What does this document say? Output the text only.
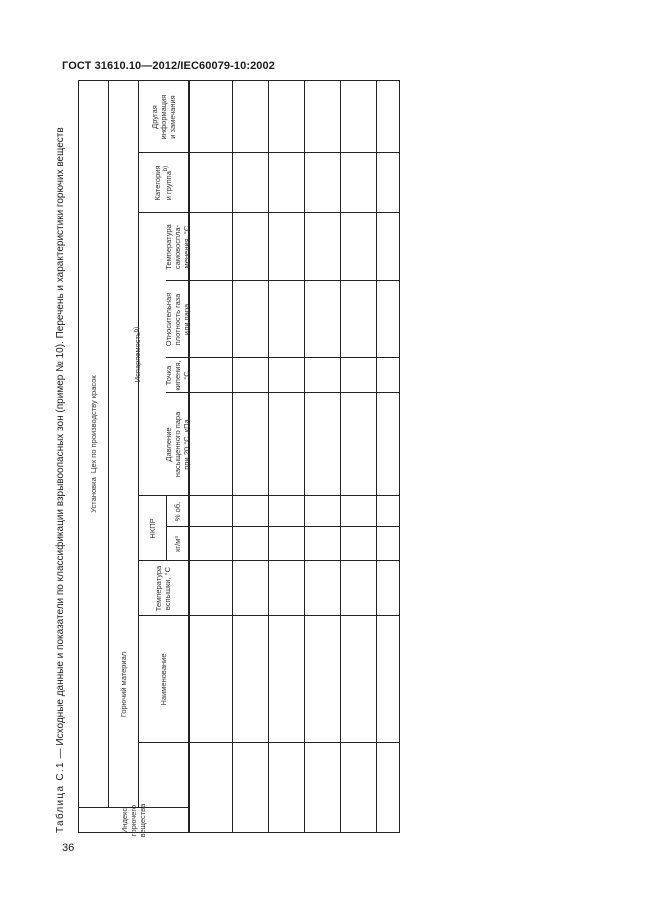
ГОСТ 31610.10—2012/IEC60079-10:2002
36
Таблица С.1 — Исходные данные и показатели по классификации взрывоопасных зон (пример № 10). Перечень и характеристики горючих веществ	Установка

Цех по производству красок
Горючий материал
НКПР
Испаряемость
b)
Индекс горючего вещества
Наименование
Температура вспышки, °С
кг/м³
% об.
Давление насыщенного пара при 20 °С, кПа
Точка кипения, °С
Относительная плотность газа или пара
Температура самовоспла- менения, °С
Категория и группа$^{b)}$
Другая информация и замечания
